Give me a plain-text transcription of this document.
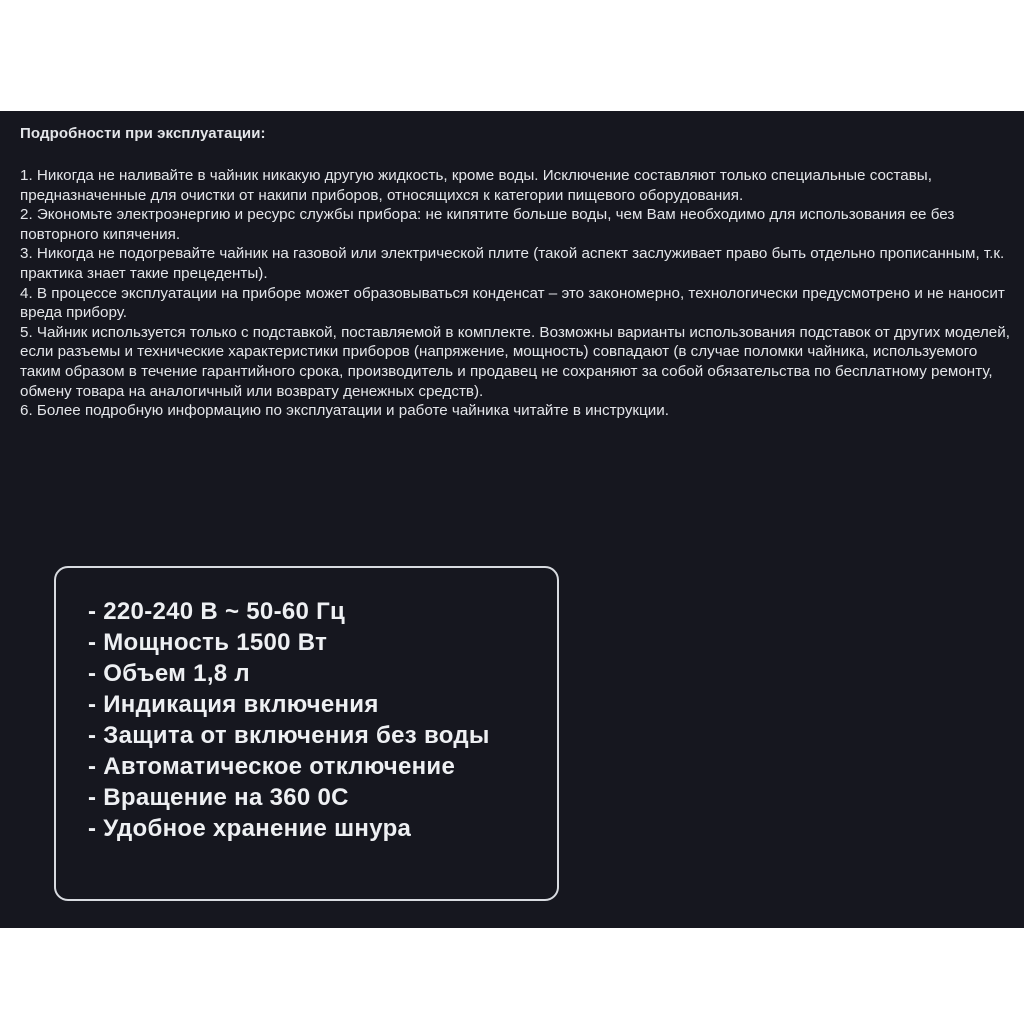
Подробности при эксплуатации:

1. Никогда не наливайте в чайник никакую другую жидкость, кроме воды. Исключение составляют только специальные составы, предназначенные для очистки от накипи приборов, относящихся к категории пищевого оборудования.

2. Экономьте электроэнергию и ресурс службы прибора: не кипятите больше воды, чем Вам необходимо для использования ее без повторного кипячения.

3. Никогда не подогревайте чайник на газовой или электрической плите (такой аспект заслуживает право быть отдельно прописанным, т.к. практика знает такие прецеденты).

4. В процессе эксплуатации на приборе может образовываться конденсат – это закономерно, технологически предусмотрено и не наносит вреда прибору.

5. Чайник используется только с подставкой, поставляемой в комплекте. Возможны варианты использования подставок от других моделей, если разъемы и технические характеристики приборов (напряжение, мощность) совпадают (в случае поломки чайника, используемого таким образом в течение гарантийного срока, производитель и продавец не сохраняют за собой обязательства по бесплатному ремонту, обмену товара на аналогичный или возврату денежных средств).

6. Более подробную информацию по эксплуатации и работе чайника читайте в инструкции.

- 220-240 В ~ 50-60 Гц
- Мощность 1500 Вт
- Объем 1,8 л
- Индикация включения
- Защита от включения без воды
- Автоматическое отключение
- Вращение на 360 0С
- Удобное хранение шнура
